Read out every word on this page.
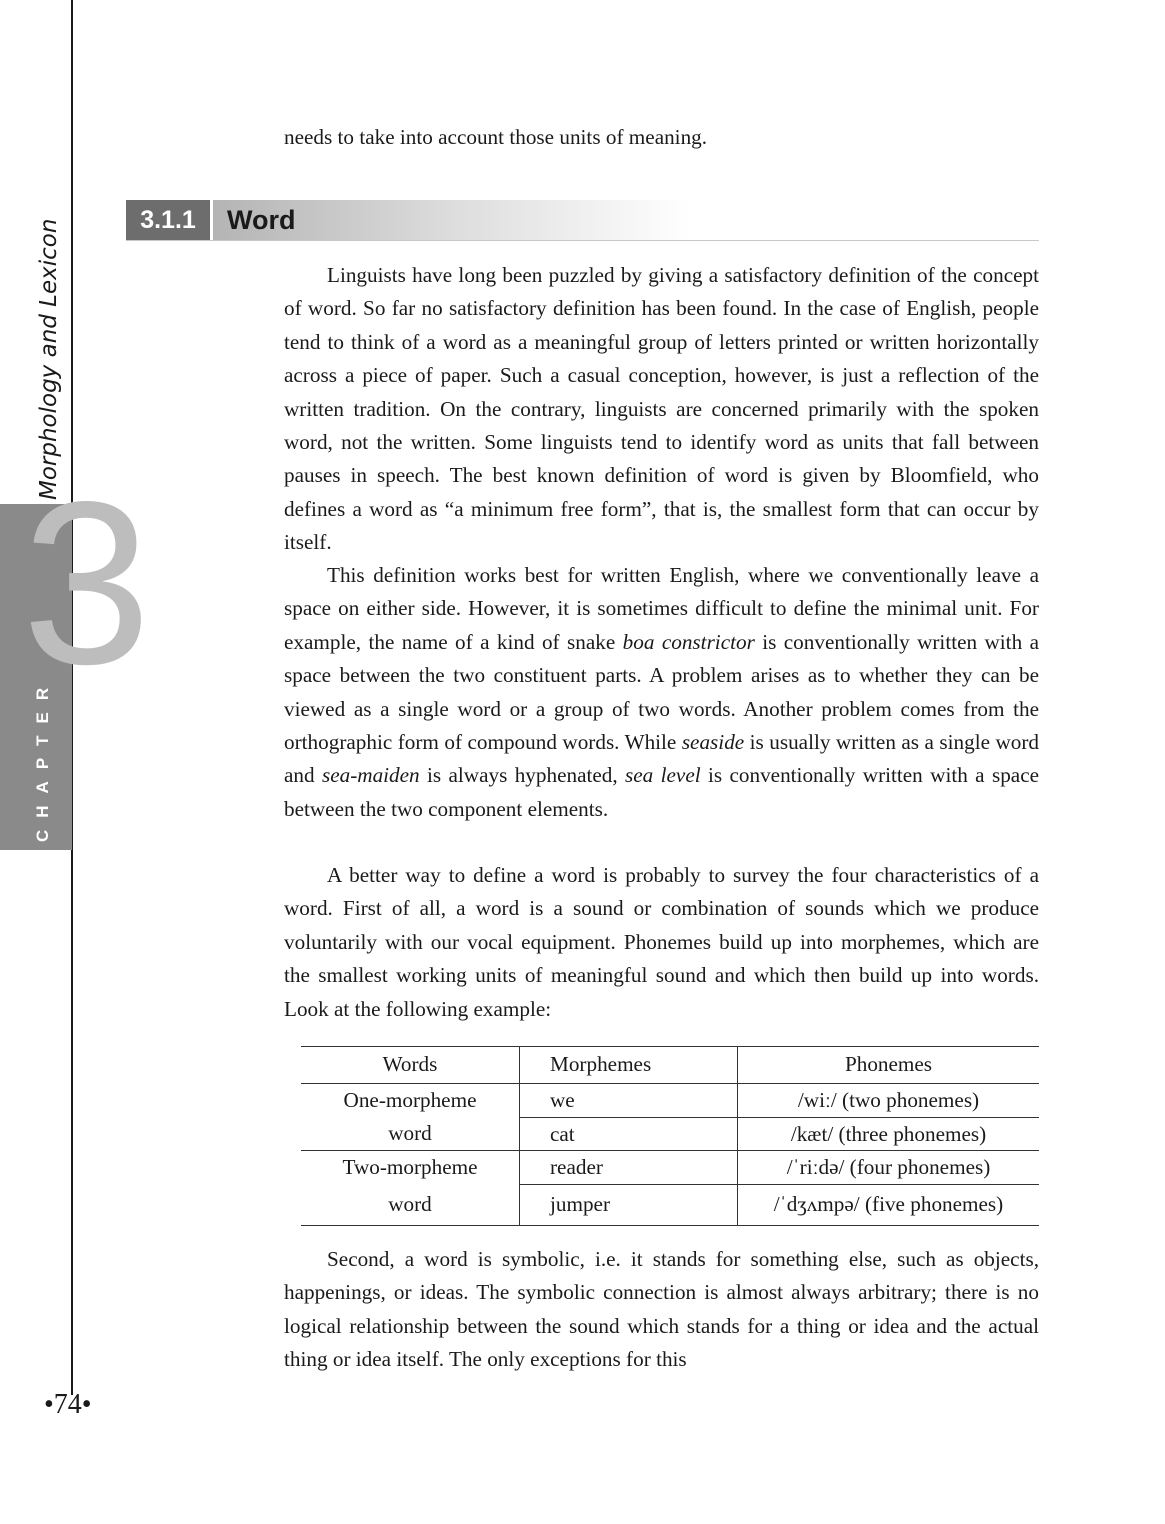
3
CHAPTER
Morphology and Lexicon
•74•

needs to take into account those units of meaning.

3.1.1	Word

Linguists have long been puzzled by giving a satisfactory definition of the concept of word. So far no satisfactory definition has been found. In the case of English, people tend to think of a word as a meaningful group of letters printed or written horizontally across a piece of paper. Such a casual conception, however, is just a reflection of the written tradition. On the contrary, linguists are concerned primarily with the spoken word, not the written. Some linguists tend to identify word as units that fall between pauses in speech. The best known definition of word is given by Bloomfield, who defines a word as “a minimum free form”, that is, the smallest form that can occur by itself.

This definition works best for written English, where we conventionally leave a space on either side. However, it is sometimes difficult to define the minimal unit. For example, the name of a kind of snake boa constrictor is conventionally written with a space between the two constituent parts. A problem arises as to whether they can be viewed as a single word or a group of two words. Another problem comes from the orthographic form of compound words. While seaside is usually written as a single word and sea-maiden is always hyphenated, sea level is conventionally written with a space between the two component elements.

A better way to define a word is probably to survey the four characteristics of a word. First of all, a word is a sound or combination of sounds which we produce voluntarily with our vocal equipment. Phonemes build up into morphemes, which are the smallest working units of meaningful sound and which then build up into words. Look at the following example:

Words	Morphemes	Phonemes
One-morpheme	we	/wiː/ (two phonemes)
word	cat	/kæt/ (three phonemes)
Two-morpheme	reader	/ˈriːdə/ (four phonemes)
word	jumper	/ˈdʒʌmpə/ (five phonemes)

Second, a word is symbolic, i.e. it stands for something else, such as objects, happenings, or ideas. The symbolic connection is almost always arbitrary; there is no logical relationship between the sound which stands for a thing or idea and the actual thing or idea itself. The only exceptions for this
